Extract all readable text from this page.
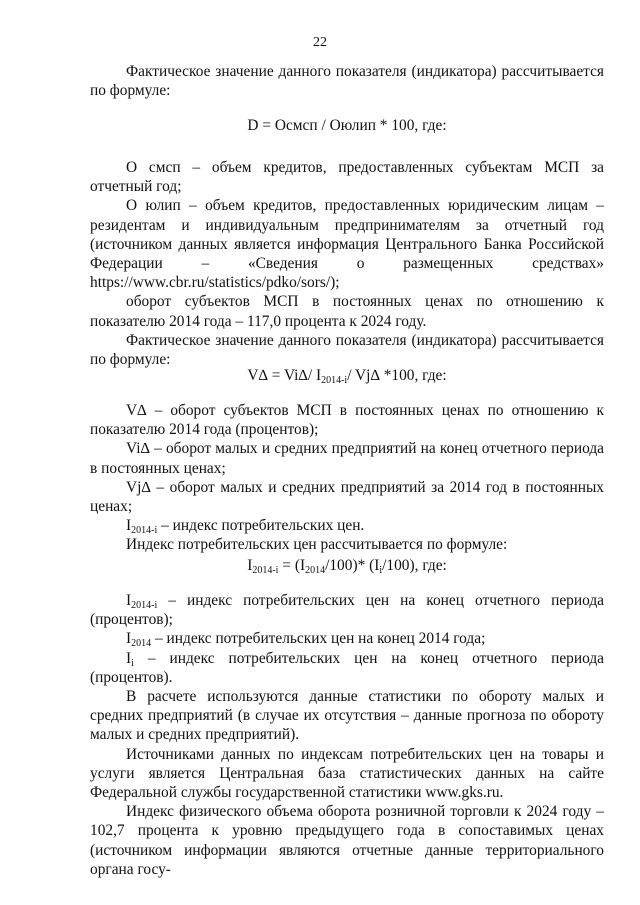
22

Фактическое значение данного показателя (индикатора) рассчитывается по формуле:

D = Осмсп / Оюлип * 100, где:

О смсп – объем кредитов, предоставленных субъектам МСП за отчетный год;

О юлип – объем кредитов, предоставленных юридическим лицам – резидентам и индивидуальным предпринимателям за отчетный год (источником данных является информация Центрального Банка Российской Федерации – «Сведения о размещенных средствах» https://www.cbr.ru/statistics/pdko/sors/);

оборот субъектов МСП в постоянных ценах по отношению к показателю 2014 года – 117,0 процента к 2024 году.

Фактическое значение данного показателя (индикатора) рассчитывается по формуле:

V∆ = Vi∆/ $I_{2014-i}/$ Vj∆ *100, где:

V∆ – оборот субъектов МСП в постоянных ценах по отношению к показателю 2014 года (процентов);

Vi∆ – оборот малых и средних предприятий на конец отчетного периода в постоянных ценах;

Vj∆ – оборот малых и средних предприятий за 2014 год в постоянных ценах;

$I_{2014-i}$ – индекс потребительских цен.

Индекс потребительских цен рассчитывается по формуле:

$I_{2014-i} = (I_{2014}/100)*$ $(I_i/100)$, где:

$I_{2014-i}$ – индекс потребительских цен на конец отчетного периода (процентов);

$I_{2014}$ – индекс потребительских цен на конец 2014 года;

$I_i$ – индекс потребительских цен на конец отчетного периода (процентов).

В расчете используются данные статистики по обороту малых и средних предприятий (в случае их отсутствия – данные прогноза по обороту малых и средних предприятий).

Источниками данных по индексам потребительских цен на товары и услуги является Центральная база статистических данных на сайте Федеральной службы государственной статистики www.gks.ru.

Индекс физического объема оборота розничной торговли к 2024 году – 102,7 процента к уровню предыдущего года в сопоставимых ценах (источником информации являются отчетные данные территориального органа госу-
